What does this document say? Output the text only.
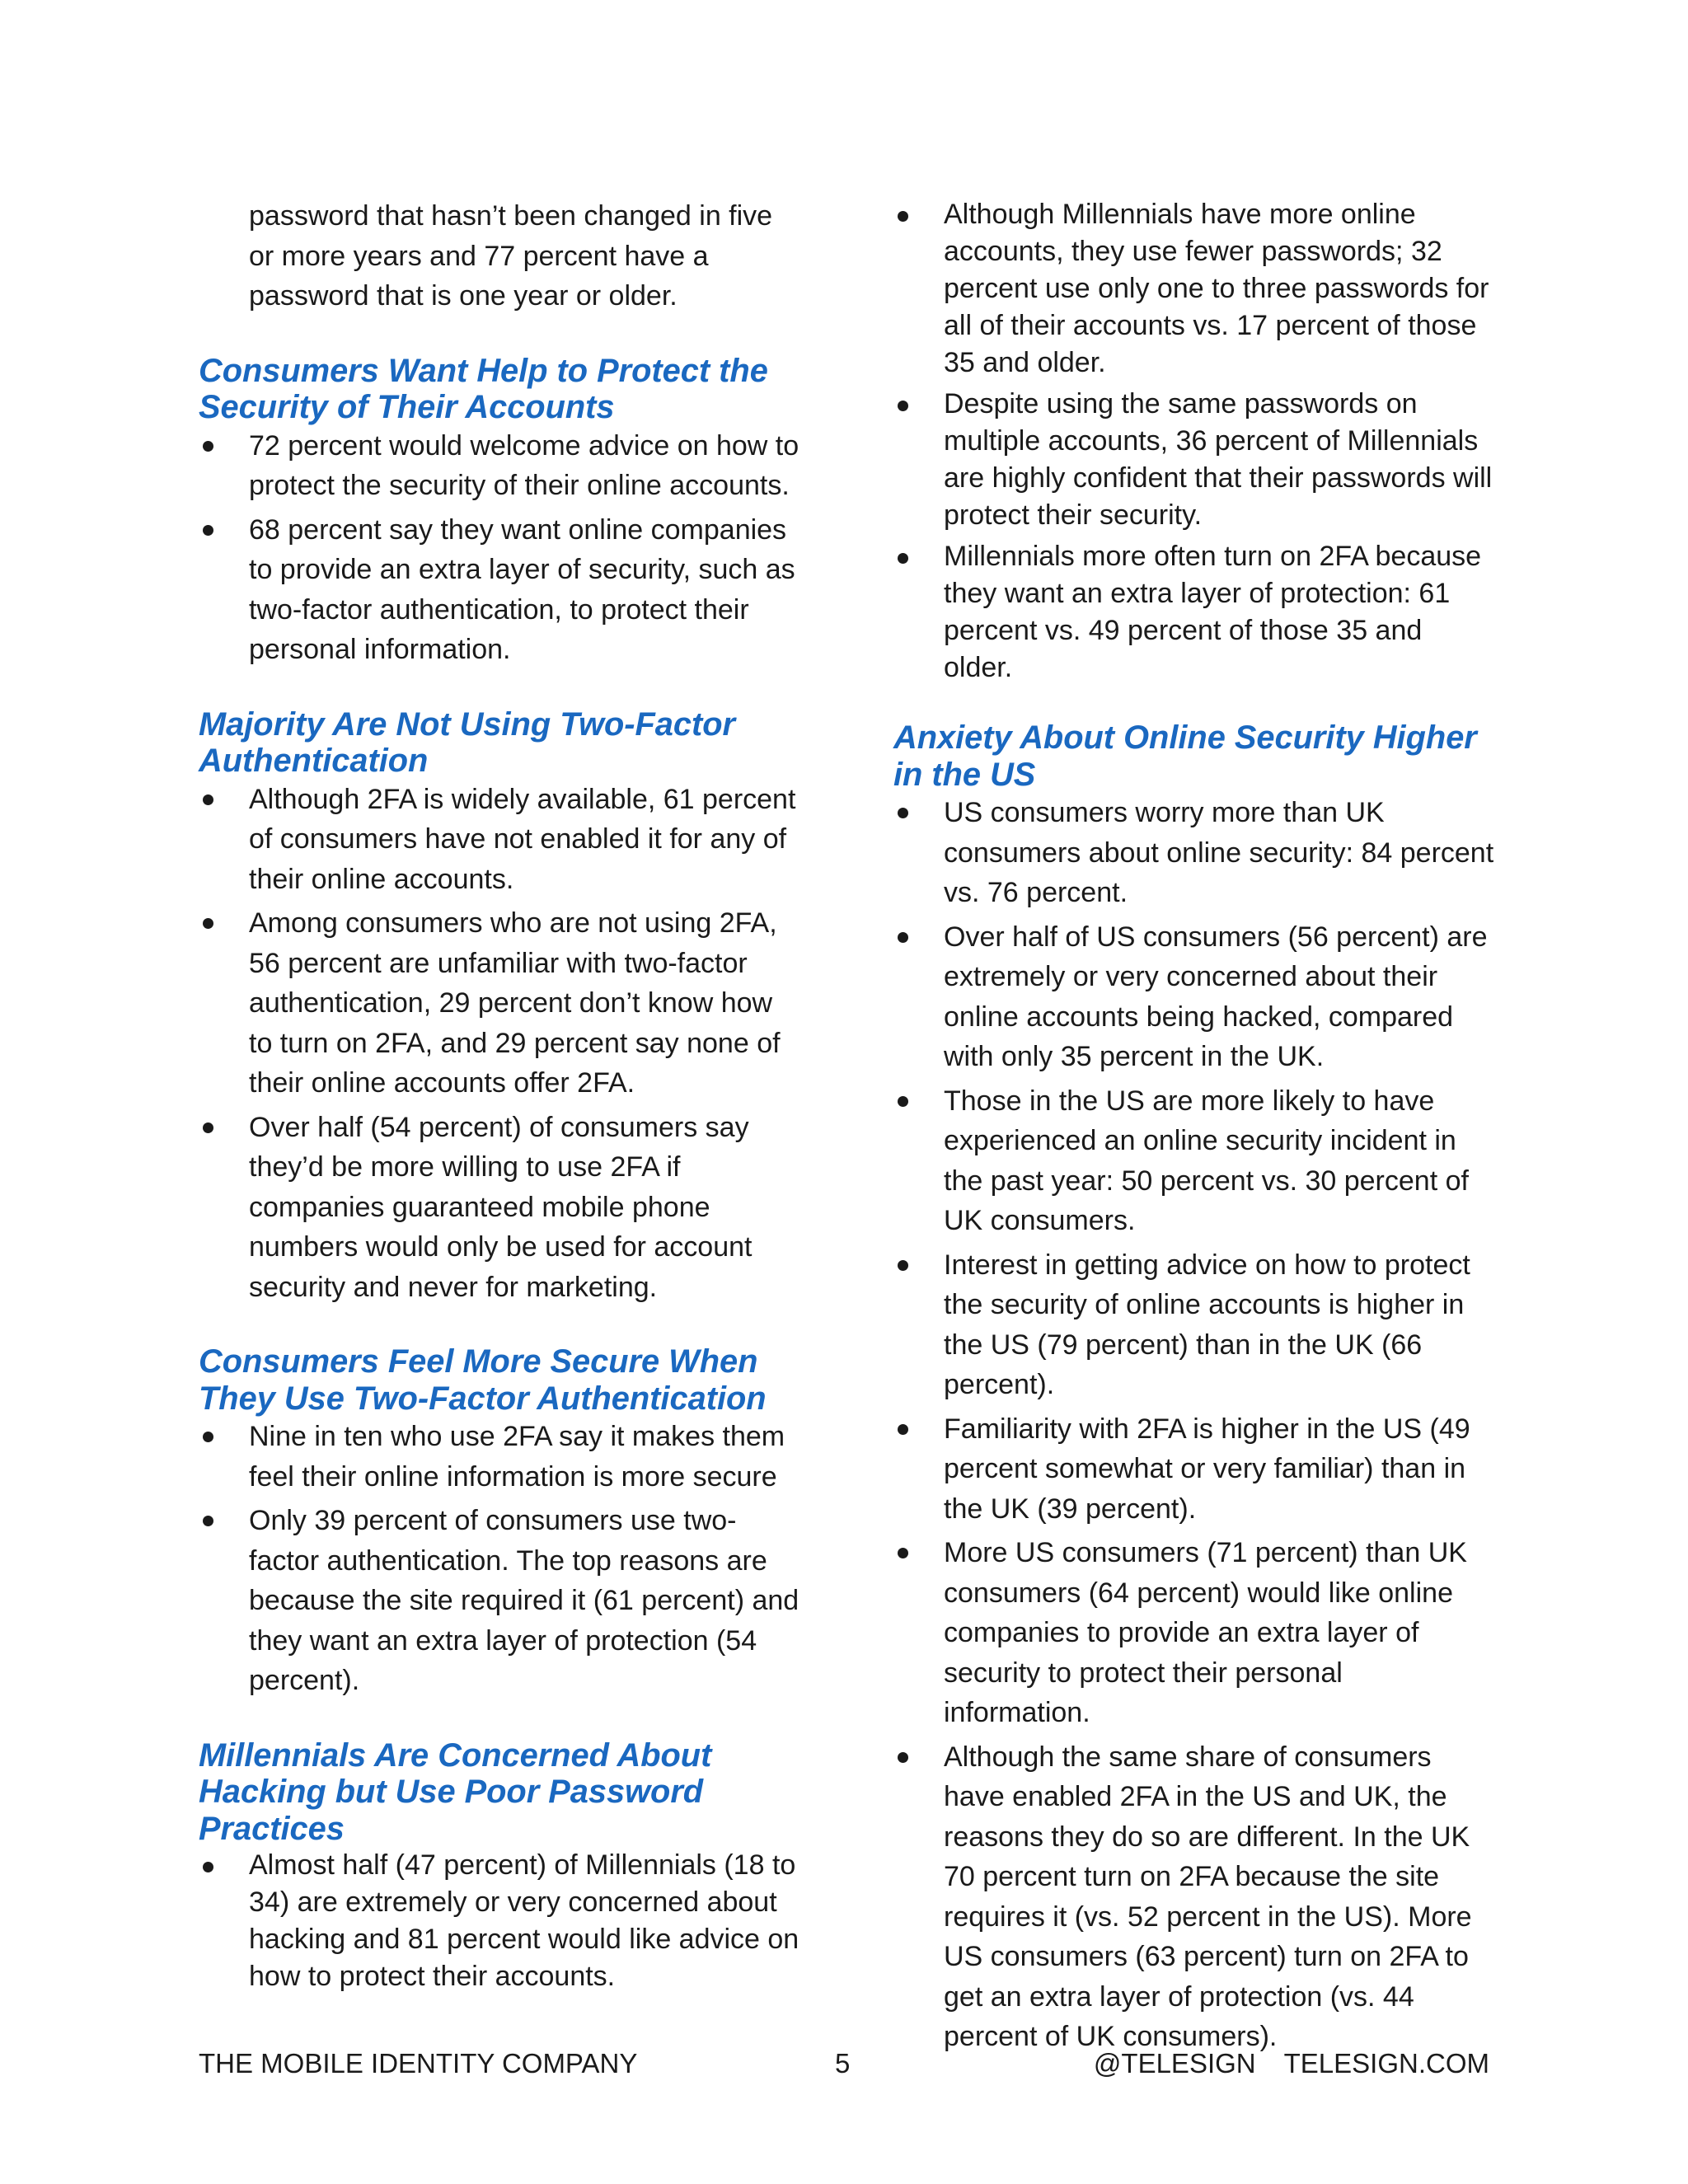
password that hasn’t been changed in five or more years and 77 percent have a password that is one year or older.

Consumers Want Help to Protect the Security of Their Accounts
72 percent would welcome advice on how to protect the security of their online accounts.
68 percent say they want online companies to provide an extra layer of security, such as two-factor authentication, to protect their personal information.
Majority Are Not Using Two-Factor Authentication
Although 2FA is widely available, 61 percent of consumers have not enabled it for any of their online accounts.
Among consumers who are not using 2FA, 56 percent are unfamiliar with two-factor authentication, 29 percent don’t know how to turn on 2FA, and 29 percent say none of their online accounts offer 2FA.
Over half (54 percent) of consumers say they’d be more willing to use 2FA if companies guaranteed mobile phone numbers would only be used for account security and never for marketing.
Consumers Feel More Secure When They Use Two-Factor Authentication
Nine in ten who use 2FA say it makes them feel their online information is more secure
Only 39 percent of consumers use two-factor authentication. The top reasons are because the site required it (61 percent) and they want an extra layer of protection (54 percent).
Millennials Are Concerned About Hacking but Use Poor Password Practices
Almost half (47 percent) of Millennials (18 to 34) are extremely or very concerned about hacking and 81 percent would like advice on how to protect their accounts.
Although Millennials have more online accounts, they use fewer passwords; 32 percent use only one to three passwords for all of their accounts vs. 17 percent of those 35 and older.
Despite using the same passwords on multiple accounts, 36 percent of Millennials are highly confident that their passwords will protect their security.
Millennials more often turn on 2FA because they want an extra layer of protection: 61 percent vs. 49 percent of those 35 and older.
Anxiety About Online Security Higher in the US
US consumers worry more than UK consumers about online security: 84 percent vs. 76 percent.
Over half of US consumers (56 percent) are extremely or very concerned about their online accounts being hacked, compared with only 35 percent in the UK.
Those in the US are more likely to have experienced an online security incident in the past year: 50 percent vs. 30 percent of UK consumers.
Interest in getting advice on how to protect the security of online accounts is higher in the US (79 percent) than in the UK (66 percent).
Familiarity with 2FA is higher in the US (49 percent somewhat or very familiar) than in the UK (39 percent).
More US consumers (71 percent) than UK consumers (64 percent) would like online companies to provide an extra layer of security to protect their personal information.
Although the same share of consumers have enabled 2FA in the US and UK, the reasons they do so are different. In the UK 70 percent turn on 2FA because the site requires it (vs. 52 percent in the US). More US consumers (63 percent) turn on 2FA to get an extra layer of protection (vs. 44 percent of UK consumers).
THE MOBILE IDENTITY COMPANY	5	@TELESIGN TELESIGN.COM
